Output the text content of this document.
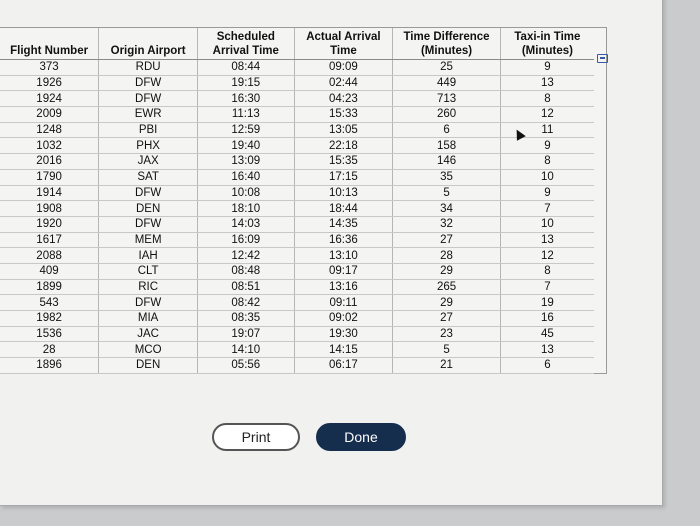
Flight Number	Origin Airport	Scheduled Arrival Time	Actual Arrival Time	Time Difference (Minutes)	Taxi-in Time (Minutes)
373	RDU	08:44	09:09	25	9
1926	DFW	19:15	02:44	449	13
1924	DFW	16:30	04:23	713	8
2009	EWR	11:13	15:33	260	12
1248	PBI	12:59	13:05	6	11
1032	PHX	19:40	22:18	158	9
2016	JAX	13:09	15:35	146	8
1790	SAT	16:40	17:15	35	10
1914	DFW	10:08	10:13	5	9
1908	DEN	18:10	18:44	34	7
1920	DFW	14:03	14:35	32	10
1617	MEM	16:09	16:36	27	13
2088	IAH	12:42	13:10	28	12
409	CLT	08:48	09:17	29	8
1899	RIC	08:51	13:16	265	7
543	DFW	08:42	09:11	29	19
1982	MIA	08:35	09:02	27	16
1536	JAC	19:07	19:30	23	45
28	MCO	14:10	14:15	5	13
1896	DEN	05:56	06:17	21	6
Print	Done
